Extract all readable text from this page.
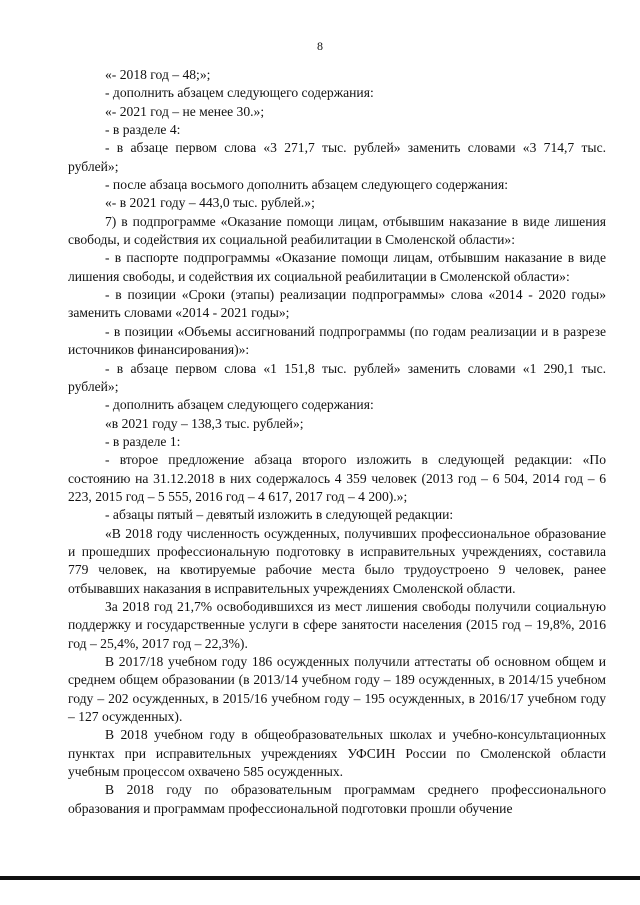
8

«- 2018 год – 48;»;

- дополнить абзацем следующего содержания:

«- 2021 год – не менее 30.»;

- в разделе 4:

- в абзаце первом слова «3 271,7 тыс. рублей» заменить словами «3 714,7 тыс. рублей»;

- после абзаца восьмого дополнить абзацем следующего содержания:

«- в 2021 году – 443,0 тыс. рублей.»;

7) в подпрограмме «Оказание помощи лицам, отбывшим наказание в виде лишения свободы, и содействия их социальной реабилитации в Смоленской области»:

- в паспорте подпрограммы «Оказание помощи лицам, отбывшим наказание в виде лишения свободы, и содействия их социальной реабилитации в Смоленской области»:

- в позиции «Сроки (этапы) реализации подпрограммы» слова «2014 - 2020 годы» заменить словами «2014 - 2021 годы»;

- в позиции «Объемы ассигнований подпрограммы (по годам реализации и в разрезе источников финансирования)»:

- в абзаце первом слова «1 151,8 тыс. рублей» заменить словами «1 290,1 тыс. рублей»;

- дополнить абзацем следующего содержания:

«в 2021 году – 138,3 тыс. рублей»;

- в разделе 1:

- второе предложение абзаца второго изложить в следующей редакции: «По состоянию на 31.12.2018 в них содержалось 4 359 человек (2013 год – 6 504, 2014 год – 6 223, 2015 год – 5 555, 2016 год – 4 617, 2017 год – 4 200).»;

- абзацы пятый – девятый изложить в следующей редакции:

«В 2018 году численность осужденных, получивших профессиональное образование и прошедших профессиональную подготовку в исправительных учреждениях, составила 779 человек, на квотируемые рабочие места было трудоустроено 9 человек, ранее отбывавших наказания в исправительных учреждениях Смоленской области.

За 2018 год 21,7% освободившихся из мест лишения свободы получили социальную поддержку и государственные услуги в сфере занятости населения (2015 год – 19,8%, 2016 год – 25,4%, 2017 год – 22,3%).

В 2017/18 учебном году 186 осужденных получили аттестаты об основном общем и среднем общем образовании (в 2013/14 учебном году – 189 осужденных, в 2014/15 учебном году – 202 осужденных, в 2015/16 учебном году – 195 осужденных, в 2016/17 учебном году – 127 осужденных).

В 2018 учебном году в общеобразовательных школах и учебно-консультационных пунктах при исправительных учреждениях УФСИН России по Смоленской области учебным процессом охвачено 585 осужденных.

В 2018 году по образовательным программам среднего профессионального образования и программам профессиональной подготовки прошли обучение
